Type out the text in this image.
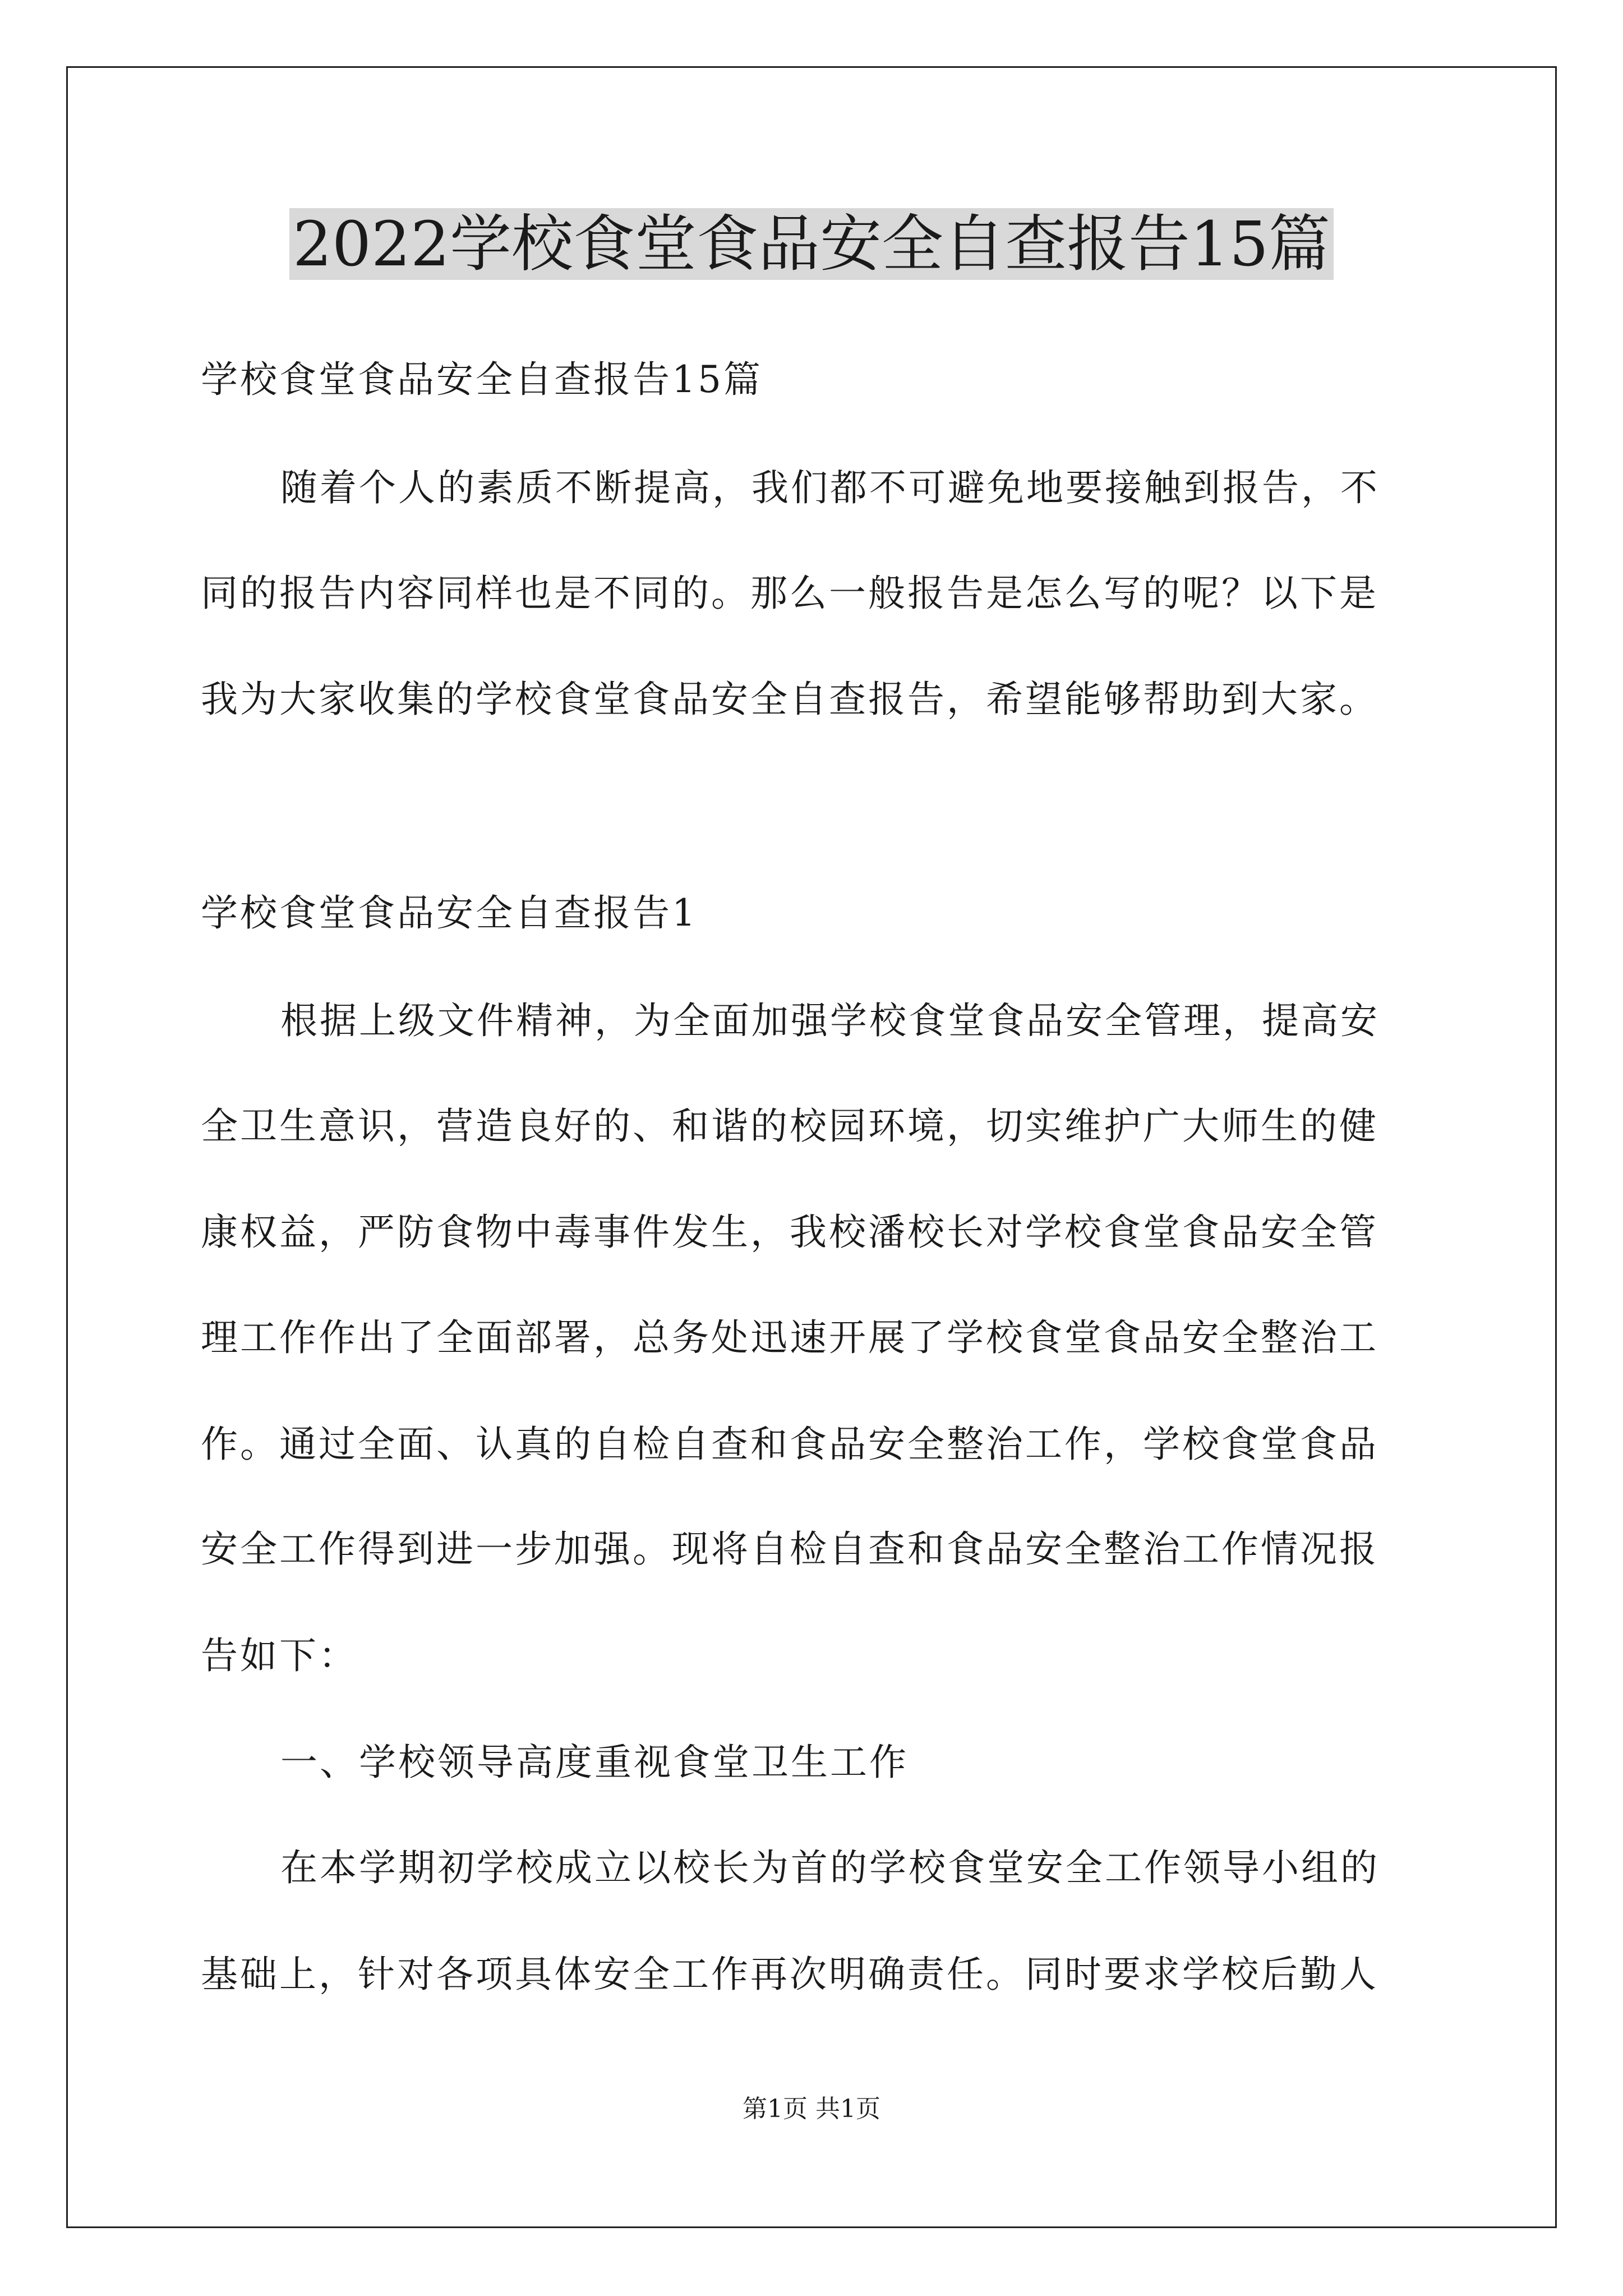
2022学校食堂食品安全自查报告15篇
学校食堂食品安全自查报告15篇
随着个人的素质不断提高，我们都不可避免地要接触到报告，不
同的报告内容同样也是不同的。那么一般报告是怎么写的呢？以下是
我为大家收集的学校食堂食品安全自查报告，希望能够帮助到大家。
学校食堂食品安全自查报告1
根据上级文件精神，为全面加强学校食堂食品安全管理，提高安
全卫生意识，营造良好的、和谐的校园环境，切实维护广大师生的健
康权益，严防食物中毒事件发生，我校潘校长对学校食堂食品安全管
理工作作出了全面部署，总务处迅速开展了学校食堂食品安全整治工
作。通过全面、认真的自检自查和食品安全整治工作，学校食堂食品
安全工作得到进一步加强。现将自检自查和食品安全整治工作情况报
告如下：
一、学校领导高度重视食堂卫生工作
在本学期初学校成立以校长为首的学校食堂安全工作领导小组的
基础上，针对各项具体安全工作再次明确责任。同时要求学校后勤人
第1页 共1页
